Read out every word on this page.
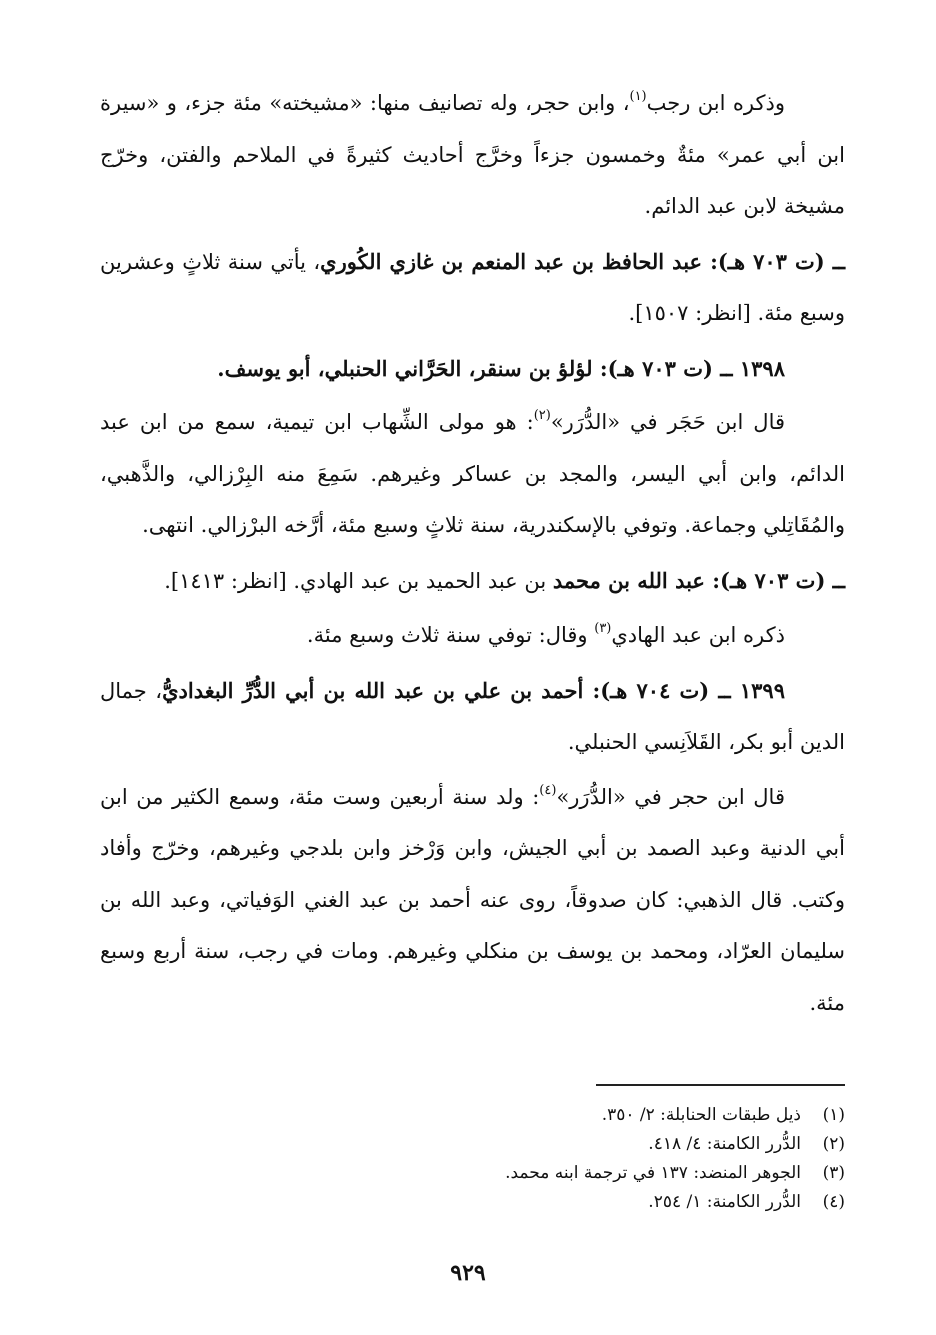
وذكره ابن رجب$^{(١)}$، وابن حجر، وله تصانيف منها: «مشيخته» مئة جزء، و «سيرة ابن أبي عمر» مئةٌ وخمسون جزءاً وخرَّج أحاديث كثيرةً في الملاحم والفتن، وخرّج مشيخة لابن عبد الدائم.

ــ (ت ٧٠٣ هـ): عبد الحافظ بن عبد المنعم بن غازي الكُوري، يأتي سنة ثلاثٍ وعشرين وسبع مئة. [انظر: ١٥٠٧].

١٣٩٨ ــ (ت ٧٠٣ هـ): لؤلؤ بن سنقر، الحَرَّاني الحنبلي، أبو يوسف.

قال ابن حَجَر في «الدُّرَر»$^{(٢)}$: هو مولى الشِّهاب ابن تيمية، سمع من ابن عبد الدائم، وابن أبي اليسر، والمجد بن عساكر وغيرهم. سَمِعَ منه البِرْزالي، والذَّهبي، والمُقَاتِلي وجماعة. وتوفي بالإسكندرية، سنة ثلاثٍ وسبع مئة، أرَّخه البرْزالي. انتهى.

ــ (ت ٧٠٣ هـ): عبد الله بن محمد بن عبد الحميد بن عبد الهادي. [انظر: ١٤١٣].

ذكره ابن عبد الهادي$^{(٣)}$ وقال: توفي سنة ثلاث وسبع مئة.

١٣٩٩ ــ (ت ٧٠٤ هـ): أحمد بن علي بن عبد الله بن أبي الدُّرِّ البغداديُّ، جمال الدين أبو بكر، القَلاَنِسي الحنبلي.

قال ابن حجر في «الدُّرَر»$^{(٤)}$: ولد سنة أربعين وست مئة، وسمع الكثير من ابن أبي الدنية وعبد الصمد بن أبي الجيش، وابن وَرْخز وابن بلدجي وغيرهم، وخرّج وأفاد وكتب. قال الذهبي: كان صدوقاً، روى عنه أحمد بن عبد الغني الوَفياتي، وعبد الله بن سليمان العرّاد، ومحمد بن يوسف بن منكلي وغيرهم. ومات في رجب، سنة أربع وسبع مئة.

(١)ذيل طبقات الحنابلة: ٢/ ٣٥٠.
(٢)الدُّرر الكامنة: ٤/ ٤١٨.
(٣)الجوهر المنضد: ١٣٧ في ترجمة ابنه محمد.
(٤)الدُّرر الكامنة: ١/ ٢٥٤.
٩٢٩
